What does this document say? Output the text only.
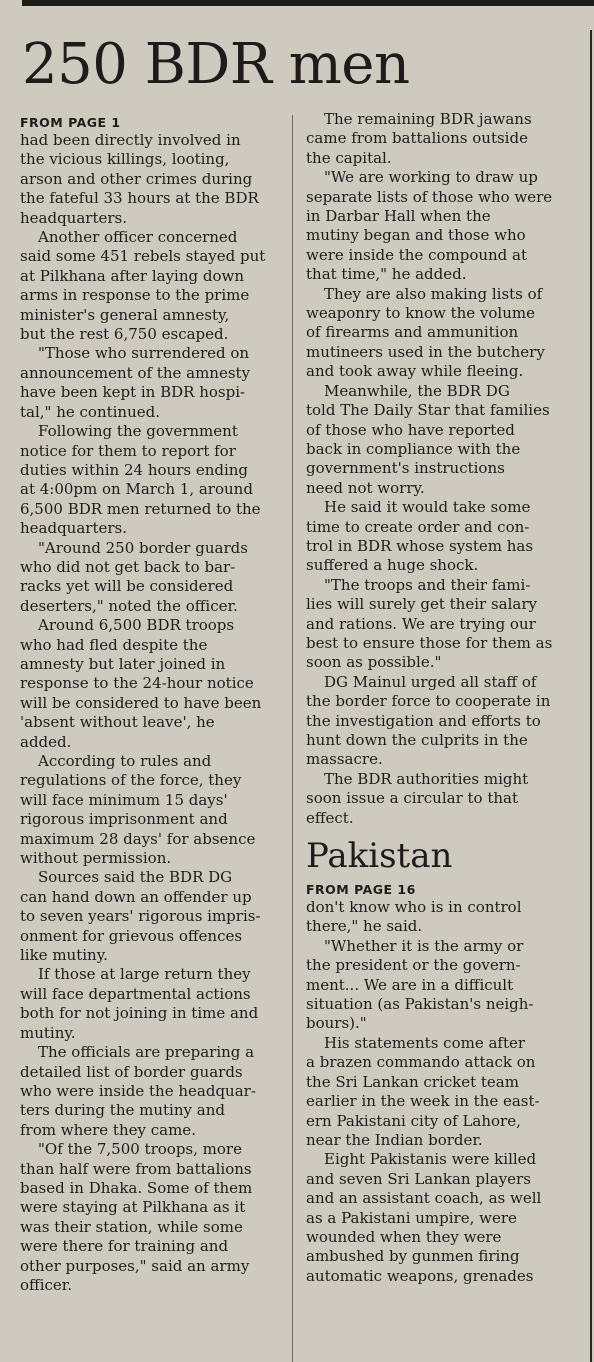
250 BDR men
FROM PAGE 1

had been directly involved in
the vicious killings, looting,
arson and other crimes during
the fateful 33 hours at the BDR
headquarters.

Another officer concerned
said some 451 rebels stayed put
at Pilkhana after laying down
arms in response to the prime
minister's general amnesty,
but the rest 6,750 escaped.

"Those who surrendered on
announcement of the amnesty
have been kept in BDR hospi-
tal," he continued.

Following the government
notice for them to report for
duties within 24 hours ending
at 4:00pm on March 1, around
6,500 BDR men returned to the
headquarters.

"Around 250 border guards
who did not get back to bar-
racks yet will be considered
deserters," noted the officer.

Around 6,500 BDR troops
who had fled despite the
amnesty but later joined in
response to the 24-hour notice
will be considered to have been
'absent without leave', he
added.

According to rules and
regulations of the force, they
will face minimum 15 days'
rigorous imprisonment and
maximum 28 days' for absence
without permission.

Sources said the BDR DG
can hand down an offender up
to seven years' rigorous impris-
onment for grievous offences
like mutiny.

If those at large return they
will face departmental actions
both for not joining in time and
mutiny.

The officials are preparing a
detailed list of border guards
who were inside the headquar-
ters during the mutiny and
from where they came.

"Of the 7,500 troops, more
than half were from battalions
based in Dhaka. Some of them
were staying at Pilkhana as it
was their station, while some
were there for training and
other purposes," said an army
officer.

The remaining BDR jawans
came from battalions outside
the capital.

"We are working to draw up
separate lists of those who were
in Darbar Hall when the
mutiny began and those who
were inside the compound at
that time," he added.

They are also making lists of
weaponry to know the volume
of firearms and ammunition
mutineers used in the butchery
and took away while fleeing.

Meanwhile, the BDR DG
told The Daily Star that families
of those who have reported
back in compliance with the
government's instructions
need not worry.

He said it would take some
time to create order and con-
trol in BDR whose system has
suffered a huge shock.

"The troops and their fami-
lies will surely get their salary
and rations. We are trying our
best to ensure those for them as
soon as possible."

DG Mainul urged all staff of
the border force to cooperate in
the investigation and efforts to
hunt down the culprits in the
massacre.

The BDR authorities might
soon issue a circular to that
effect.

Pakistan
FROM PAGE 16

don't know who is in control
there," he said.

"Whether it is the army or
the president or the govern-
ment... We are in a difficult
situation (as Pakistan's neigh-
bours)."

His statements come after
a brazen commando attack on
the Sri Lankan cricket team
earlier in the week in the east-
ern Pakistani city of Lahore,
near the Indian border.

Eight Pakistanis were killed
and seven Sri Lankan players
and an assistant coach, as well
as a Pakistani umpire, were
wounded when they were
ambushed by gunmen firing
automatic weapons, grenades
